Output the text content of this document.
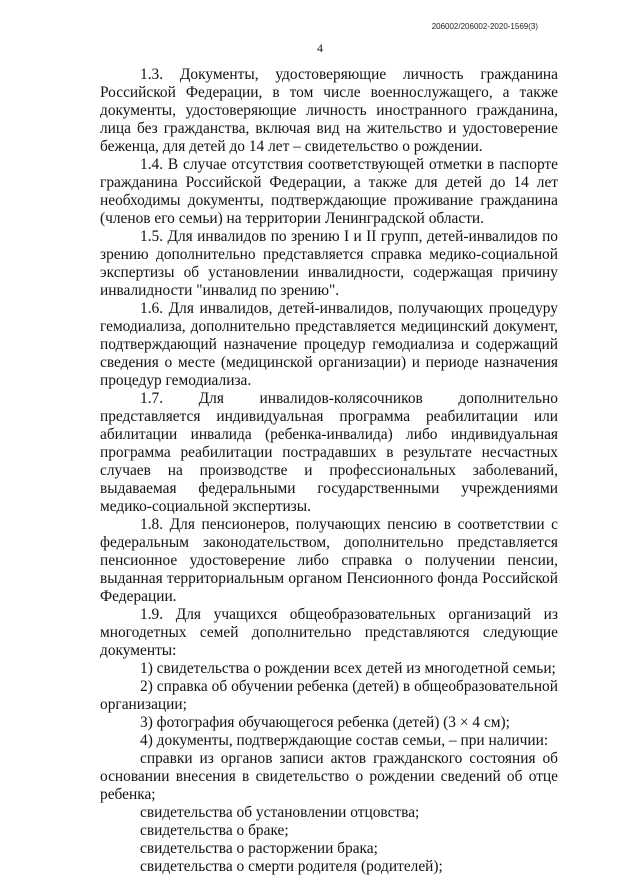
206002/206002-2020-1569(3)
4

1.3. Документы, удостоверяющие личность гражданина Российской Федерации, в том числе военнослужащего, а также документы, удостоверяющие личность иностранного гражданина, лица без гражданства, включая вид на жительство и удостоверение беженца, для детей до 14 лет – свидетельство о рождении.

1.4. В случае отсутствия соответствующей отметки в паспорте гражданина Российской Федерации, а также для детей до 14 лет необходимы документы, подтверждающие проживание гражданина (членов его семьи) на территории Ленинградской области.

1.5. Для инвалидов по зрению I и II групп, детей-инвалидов по зрению дополнительно представляется справка медико-социальной экспертизы об установлении инвалидности, содержащая причину инвалидности "инвалид по зрению".

1.6. Для инвалидов, детей-инвалидов, получающих процедуру гемодиализа, дополнительно представляется медицинский документ, подтверждающий назначение процедур гемодиализа и содержащий сведения о месте (медицинской организации) и периоде назначения процедур гемодиализа.

1.7. Для инвалидов-колясочников дополнительно представляется индивидуальная программа реабилитации или абилитации инвалида (ребенка-инвалида) либо индивидуальная программа реабилитации пострадавших в результате несчастных случаев на производстве и профессиональных заболеваний, выдаваемая федеральными государственными учреждениями медико-социальной экспертизы.

1.8. Для пенсионеров, получающих пенсию в соответствии с федеральным законодательством, дополнительно представляется пенсионное удостоверение либо справка о получении пенсии, выданная территориальным органом Пенсионного фонда Российской Федерации.

1.9. Для учащихся общеобразовательных организаций из многодетных семей дополнительно представляются следующие документы:

1) свидетельства о рождении всех детей из многодетной семьи;

2) справка об обучении ребенка (детей) в общеобразовательной организации;

3) фотография обучающегося ребенка (детей) (3 × 4 см);

4) документы, подтверждающие состав семьи, – при наличии:

справки из органов записи актов гражданского состояния об основании внесения в свидетельство о рождении сведений об отце ребенка;

свидетельства об установлении отцовства;

свидетельства о браке;

свидетельства о расторжении брака;

свидетельства о смерти родителя (родителей);
